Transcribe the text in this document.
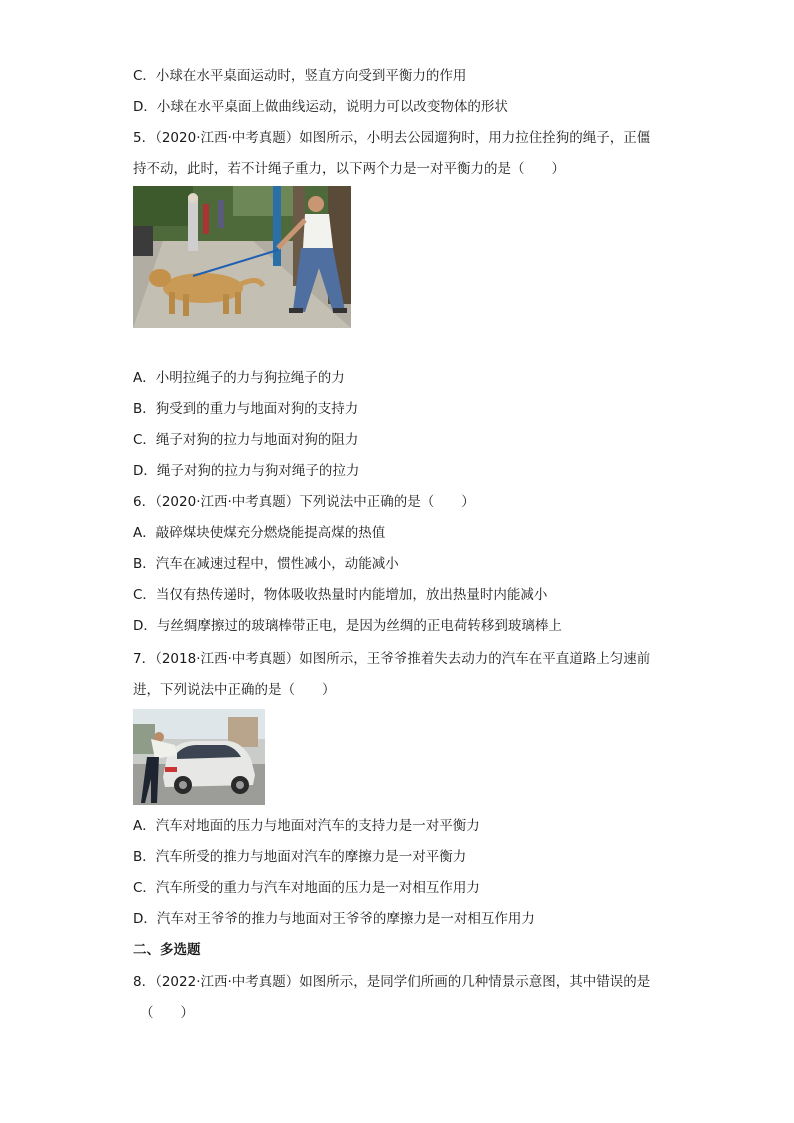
C．小球在水平桌面运动时，竖直方向受到平衡力的作用
D．小球在水平桌面上做曲线运动，说明力可以改变物体的形状
5．（2020·江西·中考真题）如图所示，小明去公园遛狗时，用力拉住拴狗的绳子，正僵
持不动，此时，若不计绳子重力，以下两个力是一对平衡力的是（　　）
A．小明拉绳子的力与狗拉绳子的力
B．狗受到的重力与地面对狗的支持力
C．绳子对狗的拉力与地面对狗的阻力
D．绳子对狗的拉力与狗对绳子的拉力
6．（2020·江西·中考真题）下列说法中正确的是（　　）
A．敲碎煤块使煤充分燃烧能提高煤的热值
B．汽车在减速过程中，惯性减小，动能减小
C．当仅有热传递时，物体吸收热量时内能增加，放出热量时内能减小
D．与丝绸摩擦过的玻璃棒带正电，是因为丝绸的正电荷转移到玻璃棒上
7．（2018·江西·中考真题）如图所示，王爷爷推着失去动力的汽车在平直道路上匀速前
进，下列说法中正确的是（　　）
A．汽车对地面的压力与地面对汽车的支持力是一对平衡力
B．汽车所受的推力与地面对汽车的摩擦力是一对平衡力
C．汽车所受的重力与汽车对地面的压力是一对相互作用力
D．汽车对王爷爷的推力与地面对王爷爷的摩擦力是一对相互作用力
二、多选题
8．（2022·江西·中考真题）如图所示，是同学们所画的几种情景示意图，其中错误的是
（　　）
